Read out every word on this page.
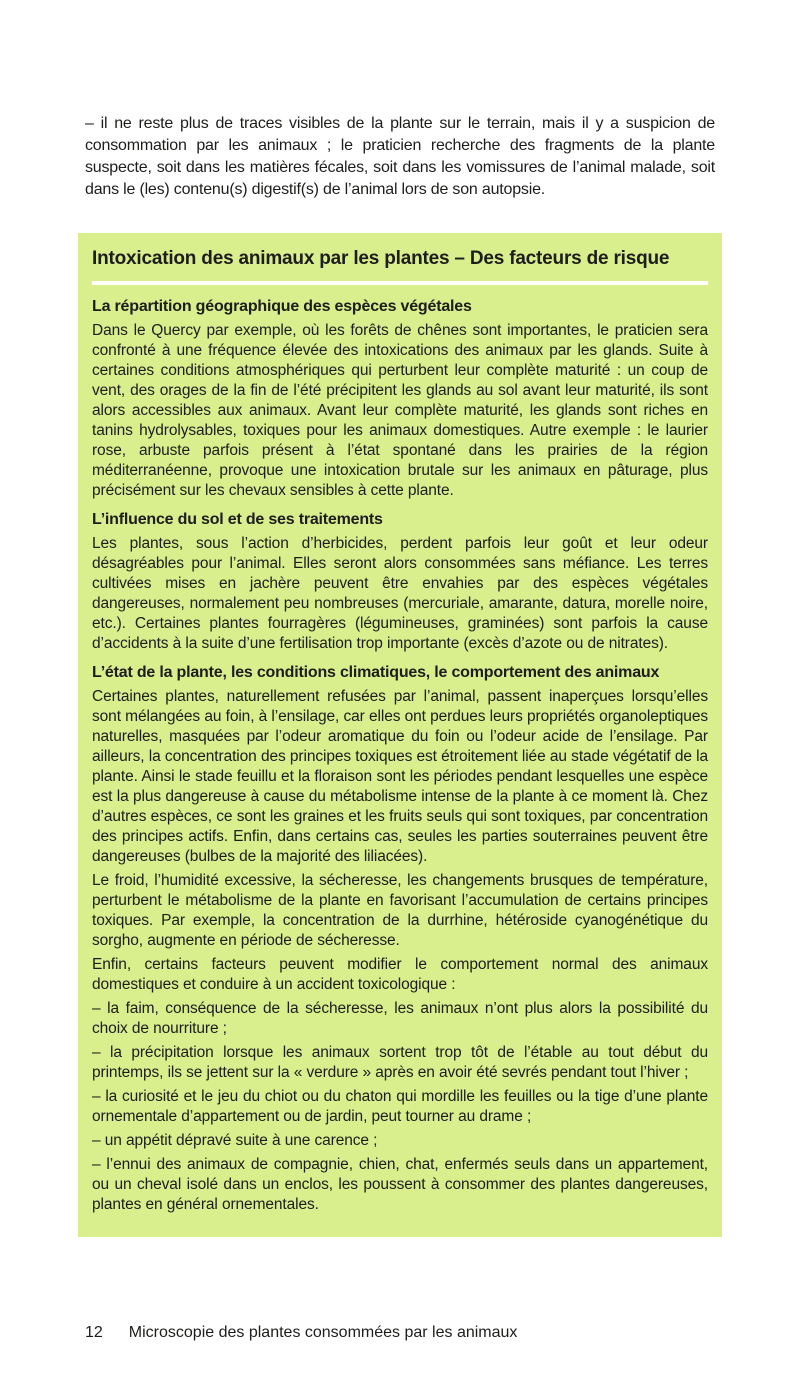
– il ne reste plus de traces visibles de la plante sur le terrain, mais il y a suspicion de consommation par les animaux ; le praticien recherche des fragments de la plante suspecte, soit dans les matières fécales, soit dans les vomissures de l’animal malade, soit dans le (les) contenu(s) digestif(s) de l’animal lors de son autopsie.

Intoxication des animaux par les plantes – Des facteurs de risque
La répartition géographique des espèces végétales

Dans le Quercy par exemple, où les forêts de chênes sont importantes, le praticien sera confronté à une fréquence élevée des intoxications des animaux par les glands. Suite à certaines conditions atmosphériques qui perturbent leur complète maturité : un coup de vent, des orages de la fin de l’été précipitent les glands au sol avant leur maturité, ils sont alors accessibles aux animaux. Avant leur complète maturité, les glands sont riches en tanins hydrolysables, toxiques pour les animaux domestiques. Autre exemple : le laurier rose, arbuste parfois présent à l’état spontané dans les prairies de la région méditerranéenne, provoque une intoxication brutale sur les animaux en pâturage, plus précisément sur les chevaux sensibles à cette plante.

L’influence du sol et de ses traitements

Les plantes, sous l’action d’herbicides, perdent parfois leur goût et leur odeur désagréables pour l’animal. Elles seront alors consommées sans méfiance. Les terres cultivées mises en jachère peuvent être envahies par des espèces végétales dangereuses, normalement peu nombreuses (mercuriale, amarante, datura, morelle noire, etc.). Certaines plantes fourragères (légumineuses, graminées) sont parfois la cause d’accidents à la suite d’une fertilisation trop importante (excès d’azote ou de nitrates).

L’état de la plante, les conditions climatiques, le comportement des animaux

Certaines plantes, naturellement refusées par l’animal, passent inaperçues lorsqu’elles sont mélangées au foin, à l’ensilage, car elles ont perdues leurs propriétés organoleptiques naturelles, masquées par l’odeur aromatique du foin ou l’odeur acide de l’ensilage. Par ailleurs, la concentration des principes toxiques est étroitement liée au stade végétatif de la plante. Ainsi le stade feuillu et la floraison sont les périodes pendant lesquelles une espèce est la plus dangereuse à cause du métabolisme intense de la plante à ce moment là. Chez d’autres espèces, ce sont les graines et les fruits seuls qui sont toxiques, par concentration des principes actifs. Enfin, dans certains cas, seules les parties souterraines peuvent être dangereuses (bulbes de la majorité des liliacées).

Le froid, l’humidité excessive, la sécheresse, les changements brusques de température, perturbent le métabolisme de la plante en favorisant l’accumulation de certains principes toxiques. Par exemple, la concentration de la durrhine, hétéroside cyanogénétique du sorgho, augmente en période de sécheresse.

Enfin, certains facteurs peuvent modifier le comportement normal des animaux domestiques et conduire à un accident toxicologique :

– la faim, conséquence de la sécheresse, les animaux n’ont plus alors la possibilité du choix de nourriture ;

– la précipitation lorsque les animaux sortent trop tôt de l’étable au tout début du printemps, ils se jettent sur la « verdure » après en avoir été sevrés pendant tout l’hiver ;

– la curiosité et le jeu du chiot ou du chaton qui mordille les feuilles ou la tige d’une plante ornementale d’appartement ou de jardin, peut tourner au drame ;

– un appétit dépravé suite à une carence ;

– l’ennui des animaux de compagnie, chien, chat, enfermés seuls dans un appartement, ou un cheval isolé dans un enclos, les poussent à consommer des plantes dangereuses, plantes en général ornementales.

12 Microscopie des plantes consommées par les animaux
